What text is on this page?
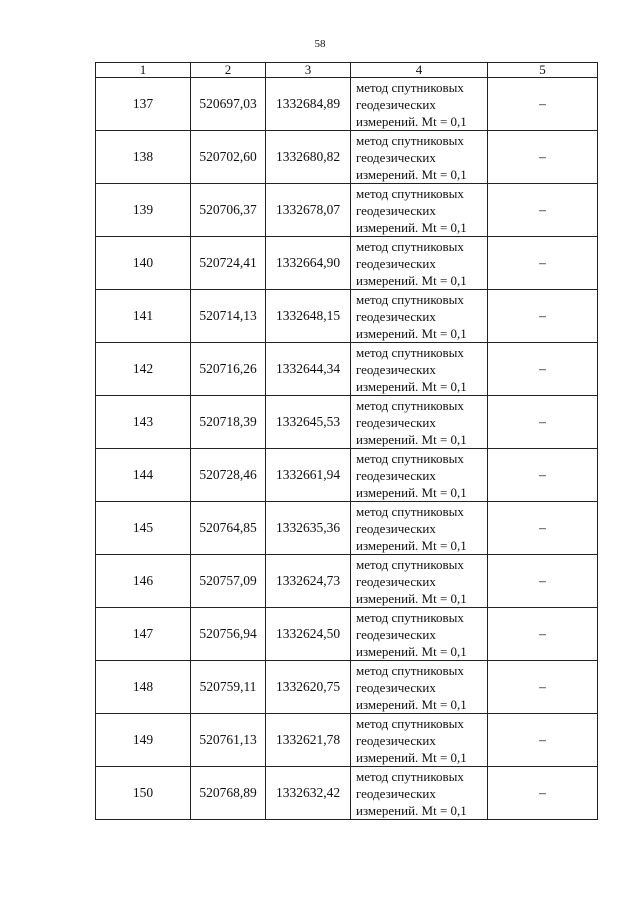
58
1	2	3	4	5
137	520697,03	1332684,89	метод спутниковых
геодезических
измерений. Mt = 0,1	–
138	520702,60	1332680,82	метод спутниковых
геодезических
измерений. Mt = 0,1	–
139	520706,37	1332678,07	метод спутниковых
геодезических
измерений. Mt = 0,1	–
140	520724,41	1332664,90	метод спутниковых
геодезических
измерений. Mt = 0,1	–
141	520714,13	1332648,15	метод спутниковых
геодезических
измерений. Mt = 0,1	–
142	520716,26	1332644,34	метод спутниковых
геодезических
измерений. Mt = 0,1	–
143	520718,39	1332645,53	метод спутниковых
геодезических
измерений. Mt = 0,1	–
144	520728,46	1332661,94	метод спутниковых
геодезических
измерений. Mt = 0,1	–
145	520764,85	1332635,36	метод спутниковых
геодезических
измерений. Mt = 0,1	–
146	520757,09	1332624,73	метод спутниковых
геодезических
измерений. Mt = 0,1	–
147	520756,94	1332624,50	метод спутниковых
геодезических
измерений. Mt = 0,1	–
148	520759,11	1332620,75	метод спутниковых
геодезических
измерений. Mt = 0,1	–
149	520761,13	1332621,78	метод спутниковых
геодезических
измерений. Mt = 0,1	–
150	520768,89	1332632,42	метод спутниковых
геодезических
измерений. Mt = 0,1	–
